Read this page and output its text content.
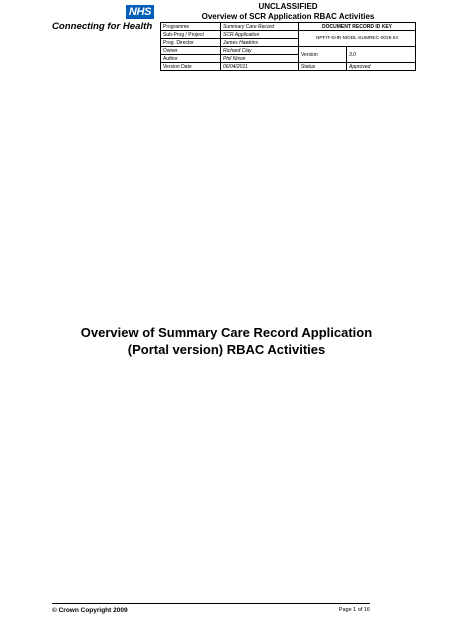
NHS
Connecting for Health
UNCLASSIFIED
Overview of SCR Application RBAC Activities
Programme	Summary Care Record	DOCUMENT RECORD ID KEY	
Sub-Prog / Project	SCR Application	NPFIT-SHR-MODL-SUMREC-0029.04	
Prog. Director	James Hawkins		
Owner	Richard Clay	Version	3.0
Author	Phil Nixon		
Version Date	06/04/2011	Status	Approved
Overview of Summary Care Record Application
(Portal version) RBAC Activities
© Crown Copyright 2009	Page 1 of 16
